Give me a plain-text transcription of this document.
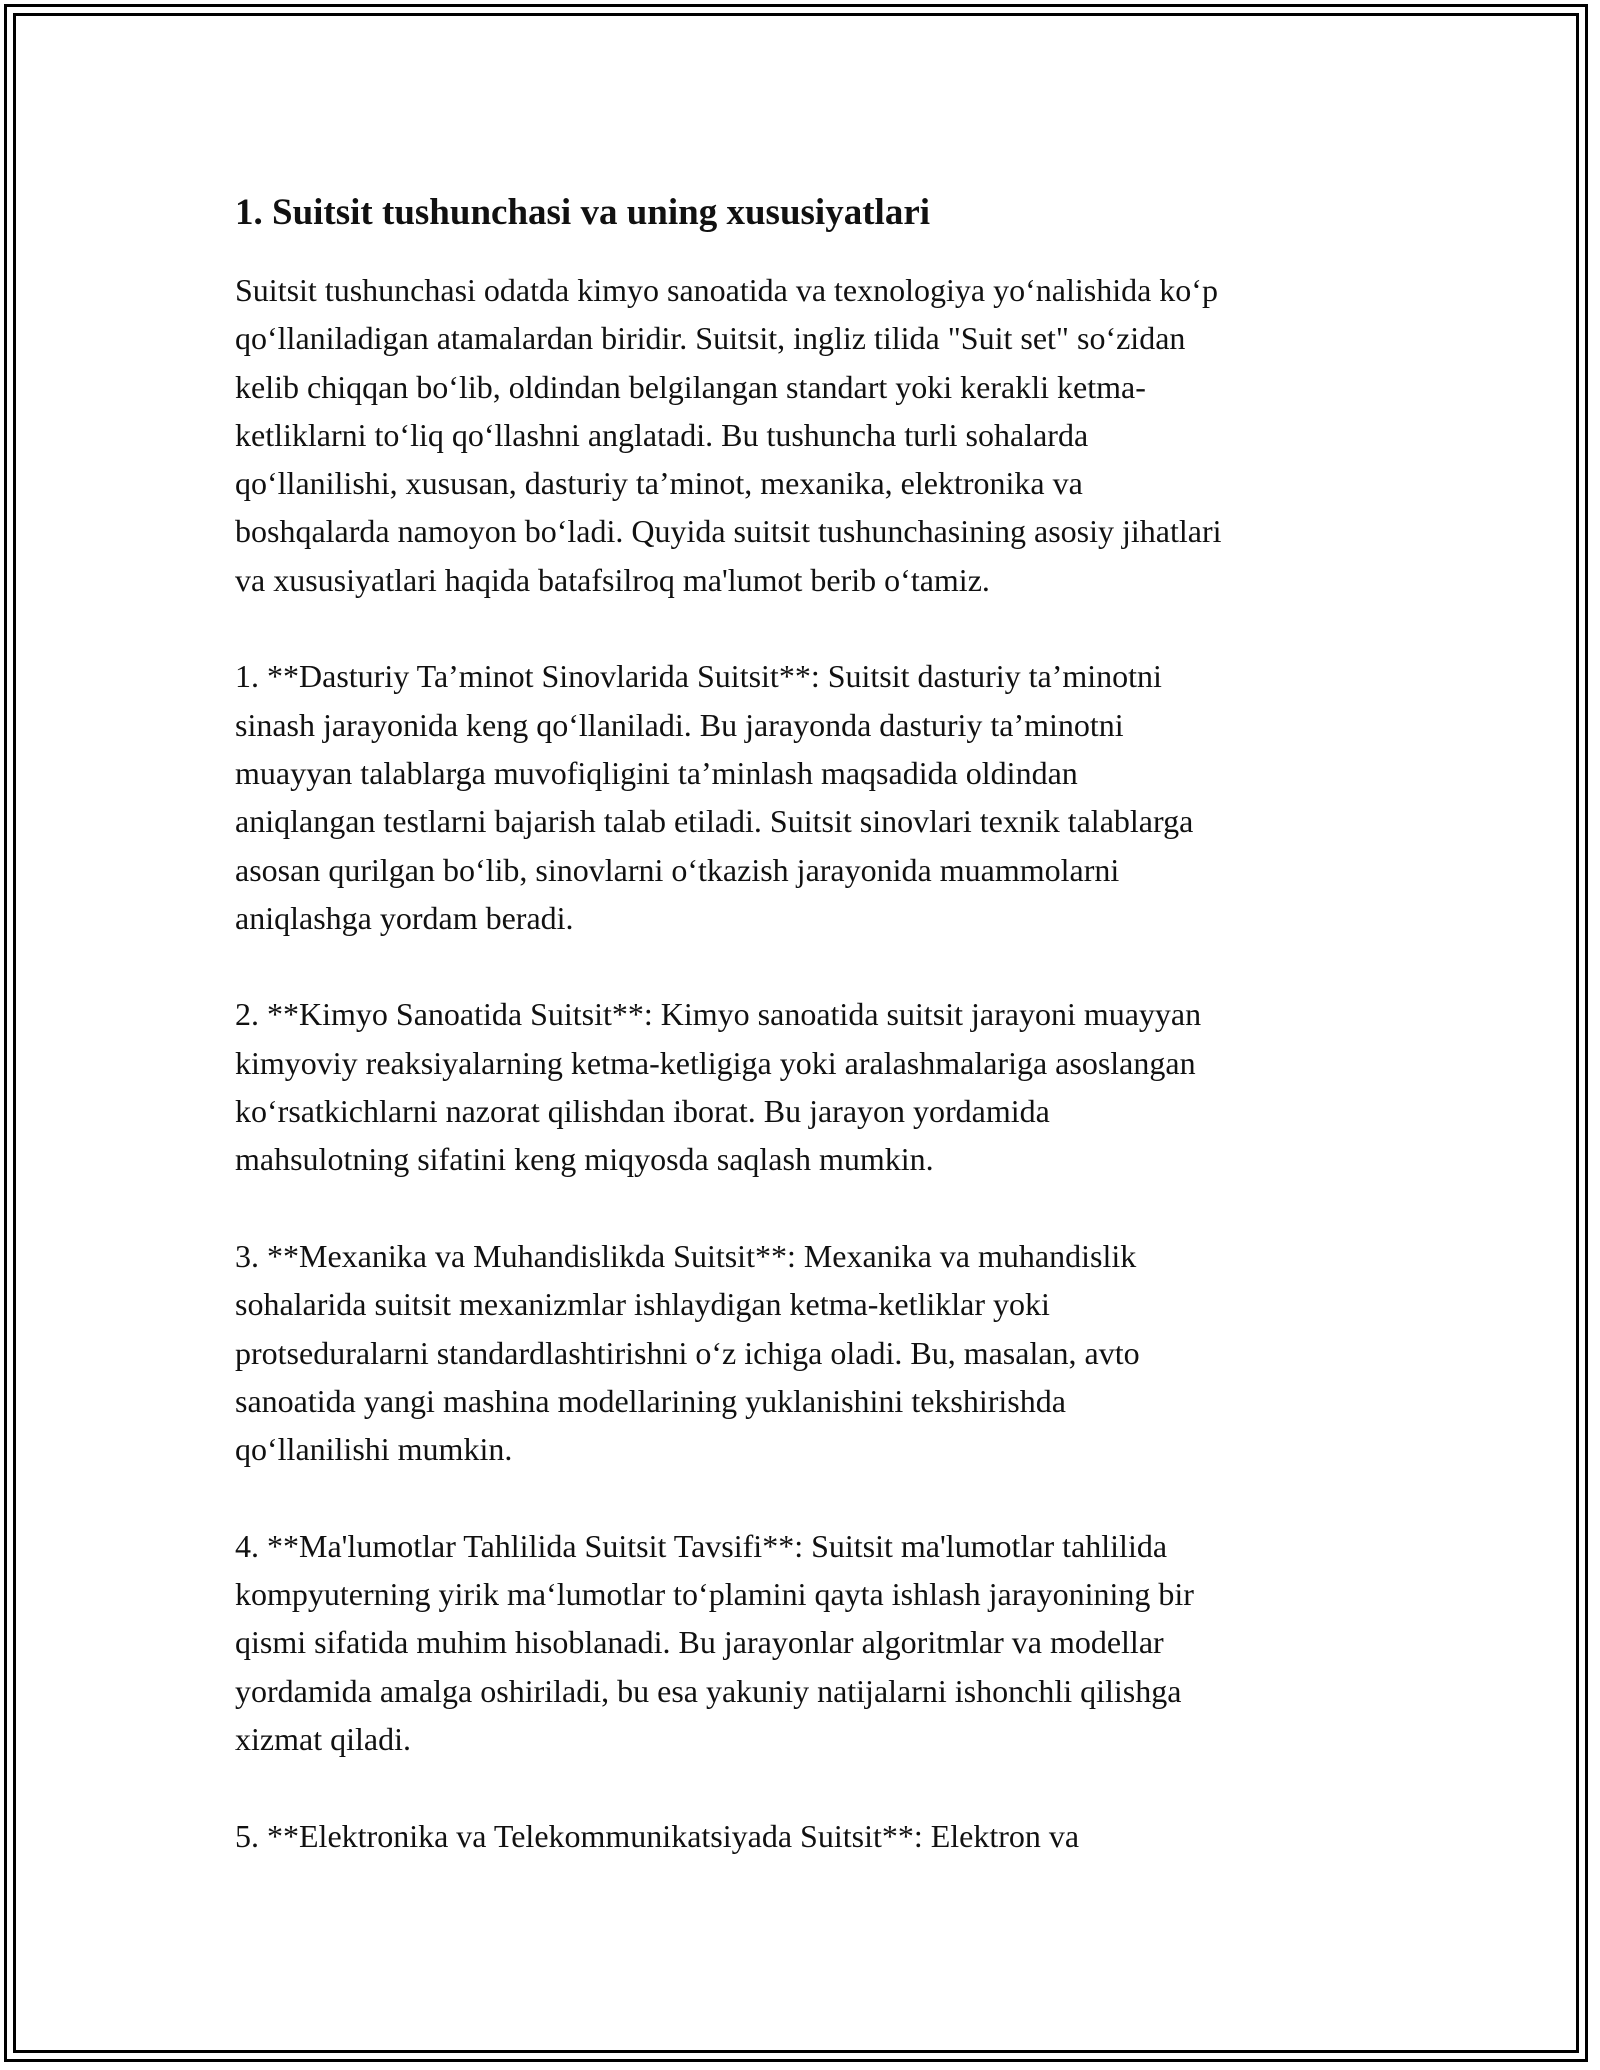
1. Suitsit tushunchasi va uning xususiyatlari

Suitsit tushunchasi odatda kimyo sanoatida va texnologiya yo‘nalishida ko‘p
qo‘llaniladigan atamalardan biridir. Suitsit, ingliz tilida "Suit set" so‘zidan
kelib chiqqan bo‘lib, oldindan belgilangan standart yoki kerakli ketma-
ketliklarni to‘liq qo‘llashni anglatadi. Bu tushuncha turli sohalarda
qo‘llanilishi, xususan, dasturiy ta’minot, mexanika, elektronika va
boshqalarda namoyon bo‘ladi. Quyida suitsit tushunchasining asosiy jihatlari
va xususiyatlari haqida batafsilroq ma'lumot berib o‘tamiz.

1. **Dasturiy Ta’minot Sinovlarida Suitsit**: Suitsit dasturiy ta’minotni
sinash jarayonida keng qo‘llaniladi. Bu jarayonda dasturiy ta’minotni
muayyan talablarga muvofiqligini ta’minlash maqsadida oldindan
aniqlangan testlarni bajarish talab etiladi. Suitsit sinovlari texnik talablarga
asosan qurilgan bo‘lib, sinovlarni o‘tkazish jarayonida muammolarni
aniqlashga yordam beradi.

2. **Kimyo Sanoatida Suitsit**: Kimyo sanoatida suitsit jarayoni muayyan
kimyoviy reaksiyalarning ketma-ketligiga yoki aralashmalariga asoslangan
ko‘rsatkichlarni nazorat qilishdan iborat. Bu jarayon yordamida
mahsulotning sifatini keng miqyosda saqlash mumkin.

3. **Mexanika va Muhandislikda Suitsit**: Mexanika va muhandislik
sohalarida suitsit mexanizmlar ishlaydigan ketma-ketliklar yoki
protseduralarni standardlashtirishni o‘z ichiga oladi. Bu, masalan, avto
sanoatida yangi mashina modellarining yuklanishini tekshirishda
qo‘llanilishi mumkin.

4. **Ma'lumotlar Tahlilida Suitsit Tavsifi**: Suitsit ma'lumotlar tahlilida
kompyuterning yirik ma‘lumotlar to‘plamini qayta ishlash jarayonining bir
qismi sifatida muhim hisoblanadi. Bu jarayonlar algoritmlar va modellar
yordamida amalga oshiriladi, bu esa yakuniy natijalarni ishonchli qilishga
xizmat qiladi.

5. **Elektronika va Telekommunikatsiyada Suitsit**: Elektron va
